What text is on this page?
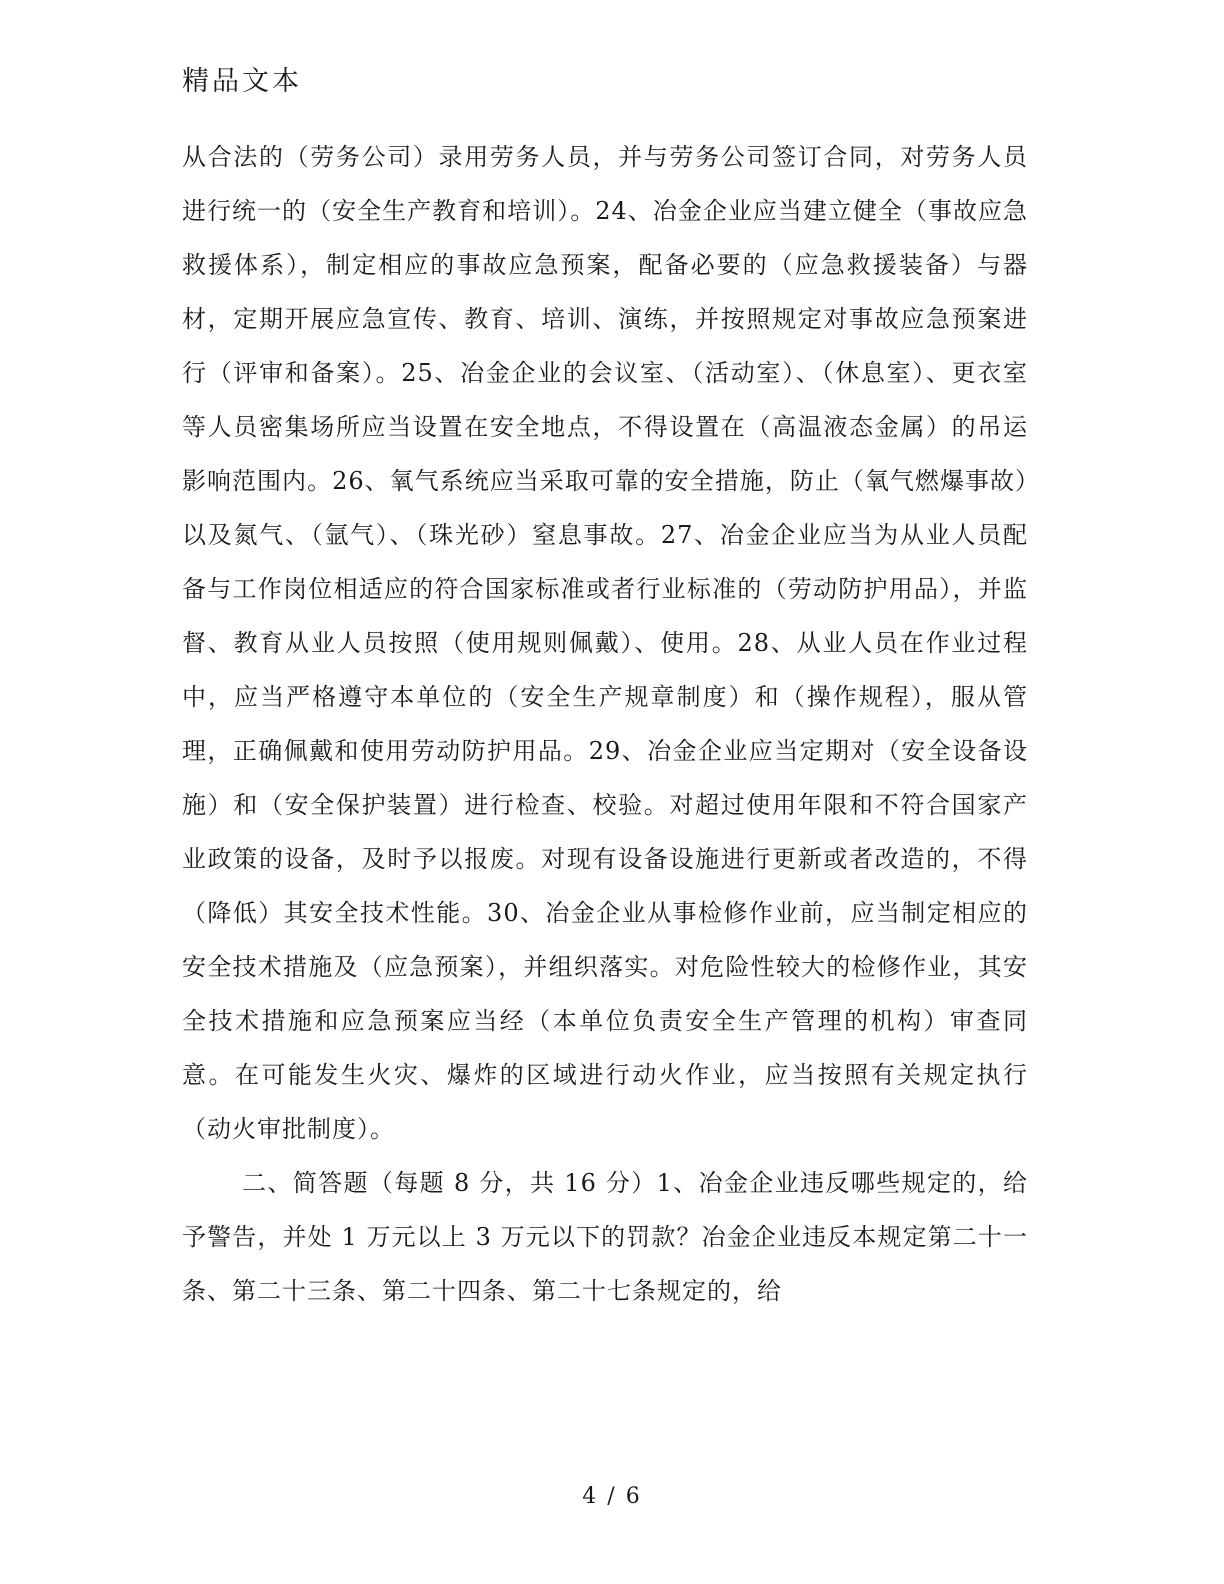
精品文本

从合法的（劳务公司）录用劳务人员，并与劳务公司签订合同，对劳务人员进行统一的（安全生产教育和培训）。24、冶金企业应当建立健全（事故应急救援体系），制定相应的事故应急预案，配备必要的（应急救援装备）与器材，定期开展应急宣传、教育、培训、演练，并按照规定对事故应急预案进行（评审和备案）。25、冶金企业的会议室、（活动室）、（休息室）、更衣室等人员密集场所应当设置在安全地点，不得设置在（高温液态金属）的吊运影响范围内。26、氧气系统应当采取可靠的安全措施，防止（氧气燃爆事故）以及氮气、（氩气）、（珠光砂）窒息事故。27、冶金企业应当为从业人员配备与工作岗位相适应的符合国家标准或者行业标准的（劳动防护用品），并监督、教育从业人员按照（使用规则佩戴）、使用。28、从业人员在作业过程中，应当严格遵守本单位的（安全生产规章制度）和（操作规程），服从管理，正确佩戴和使用劳动防护用品。29、冶金企业应当定期对（安全设备设施）和（安全保护装置）进行检查、校验。对超过使用年限和不符合国家产业政策的设备，及时予以报废。对现有设备设施进行更新或者改造的，不得（降低）其安全技术性能。30、冶金企业从事检修作业前，应当制定相应的安全技术措施及（应急预案），并组织落实。对危险性较大的检修作业，其安全技术措施和应急预案应当经（本单位负责安全生产管理的机构）审查同意。在可能发生火灾、爆炸的区域进行动火作业，应当按照有关规定执行（动火审批制度）。

二、简答题（每题 8 分，共 16 分）1、冶金企业违反哪些规定的，给予警告，并处 1 万元以上 3 万元以下的罚款？冶金企业违反本规定第二十一条、第二十三条、第二十四条、第二十七条规定的，给

4 / 6
